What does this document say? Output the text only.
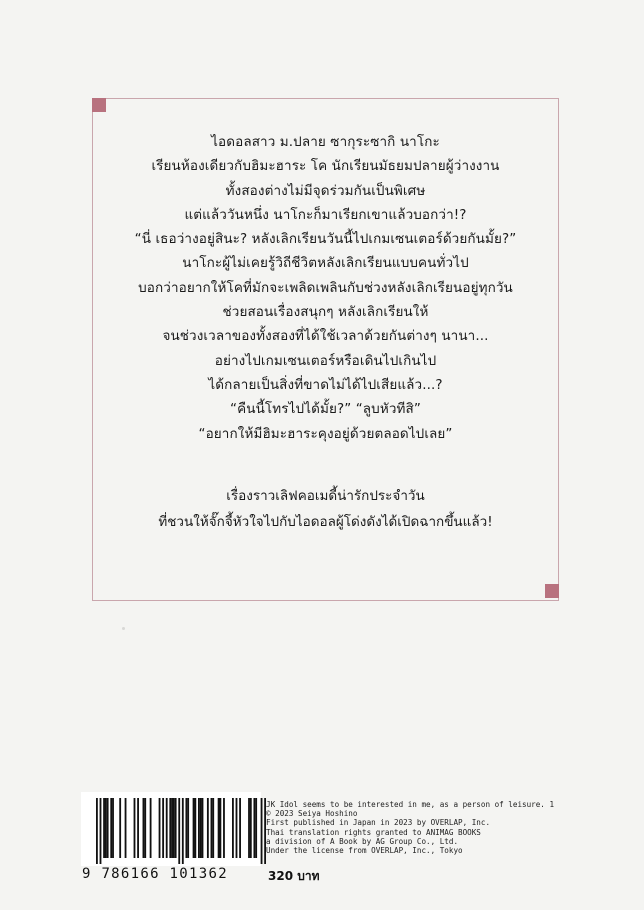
ไอดอลสาว ม.ปลาย ซากุระซากิ นาโกะ
เรียนห้องเดียวกับฮิมะฮาระ โค นักเรียนมัธยมปลายผู้ว่างงาน
ทั้งสองต่างไม่มีจุดร่วมกันเป็นพิเศษ
แต่แล้ววันหนึ่ง นาโกะก็มาเรียกเขาแล้วบอกว่า!?
“นี่ เธอว่างอยู่สินะ? หลังเลิกเรียนวันนี้ไปเกมเซนเตอร์ด้วยกันมั้ย?”
นาโกะผู้ไม่เคยรู้วิถีชีวิตหลังเลิกเรียนแบบคนทั่วไป
บอกว่าอยากให้โคที่มักจะเพลิดเพลินกับช่วงหลังเลิกเรียนอยู่ทุกวัน
ช่วยสอนเรื่องสนุกๆ หลังเลิกเรียนให้
จนช่วงเวลาของทั้งสองที่ได้ใช้เวลาด้วยกันต่างๆ นานา...
อย่างไปเกมเซนเตอร์หรือเดินไปเกินไป
ได้กลายเป็นสิ่งที่ขาดไม่ได้ไปเสียแล้ว...?
“คืนนี้โทรไปได้มั้ย?” “ลูบหัวทีสิ”
“อยากให้มีฮิมะฮาระคุงอยู่ด้วยตลอดไปเลย”
เรื่องราวเลิฟคอเมดี้น่ารักประจำวัน
ที่ชวนให้จั๊กจี้หัวใจไปกับไอดอลผู้โด่งดังได้เปิดฉากขึ้นแล้ว!
9 786166 101362	320 บาท
JK Idol seems to be interested in me, as a person of leisure. 1
© 2023 Seiya Hoshino
First published in Japan in 2023 by OVERLAP, Inc.
Thai translation rights granted to ANIMAG BOOKS
a division of A Book by AG Group Co., Ltd.
Under the license from OVERLAP, Inc., Tokyo
